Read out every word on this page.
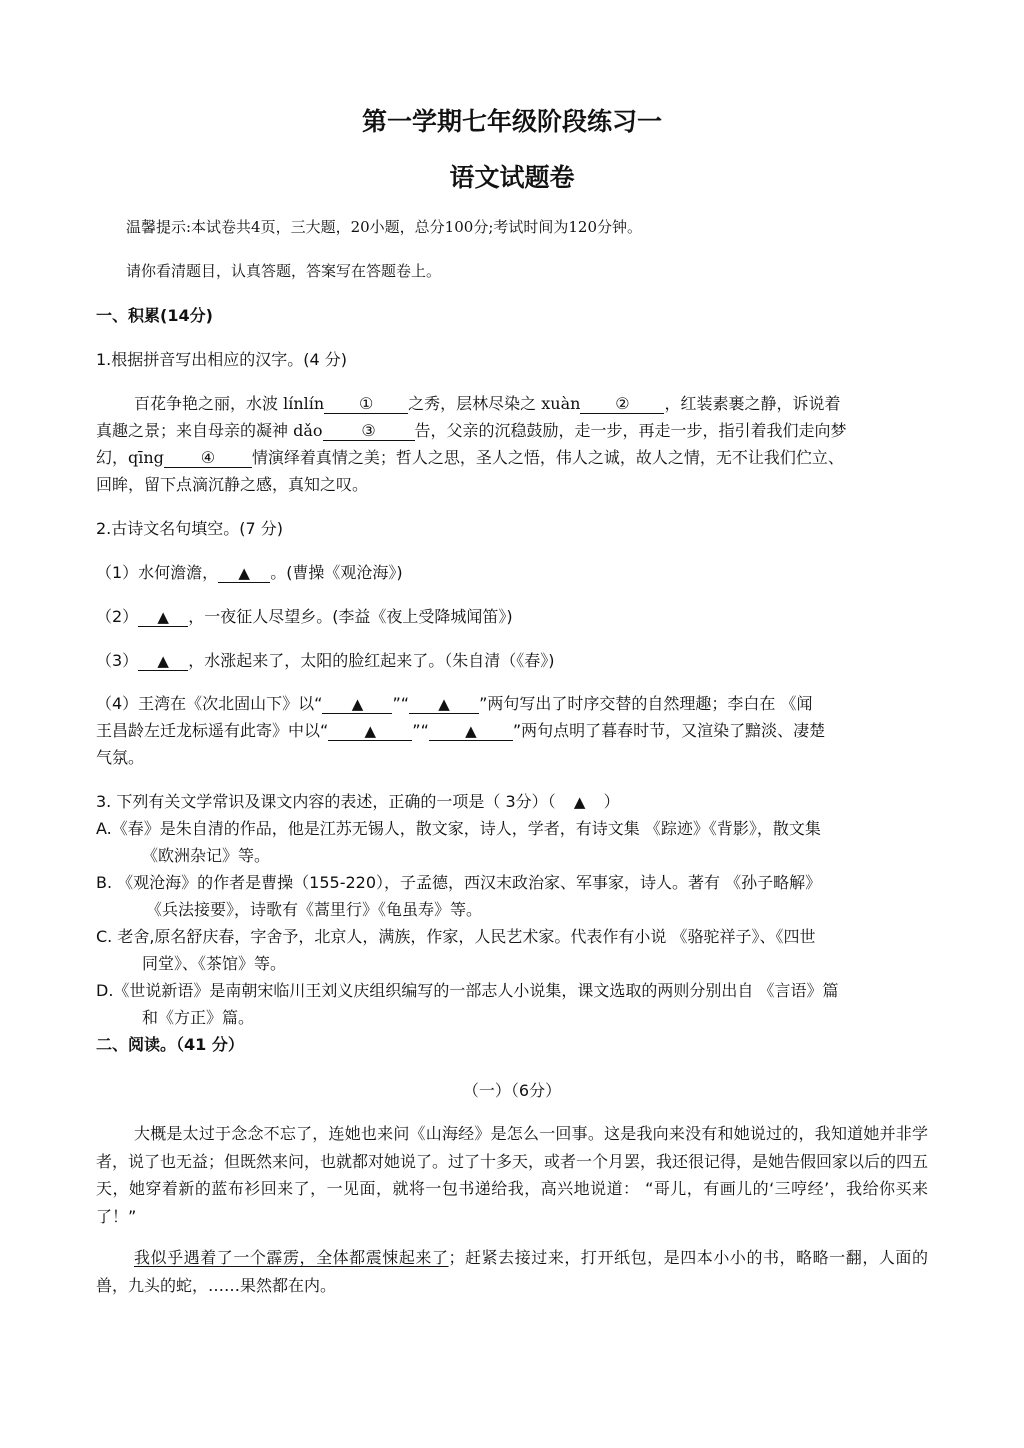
第一学期七年级阶段练习一
语文试题卷
温馨提示:本试卷共4页，三大题，20小题，总分100分;考试时间为120分钟。
请你看清题目，认真答题，答案写在答题卷上。
一、积累(14分)
1.根据拼音写出相应的汉字。(4 分)
百花争艳之丽，水波 línlín ① 之秀，层林尽染之 xuàn ② ，红装素裹之静，诉说着
真趣之景；来自母亲的凝神 dǎo ③ 告，父亲的沉稳鼓励，走一步，再走一步，指引着我们走向梦
幻，qīng ④ 情演绎着真情之美；哲人之思，圣人之悟，伟人之诚，故人之情，无不让我们伫立、
回眸，留下点滴沉静之感，真知之叹。
2.古诗文名句填空。(7 分)
（1）水何澹澹， ▲ 。(曹操《观沧海》)
（2） ▲ ，一夜征人尽望乡。(李益《夜上受降城闻笛》)
（3） ▲ ，水涨起来了，太阳的脸红起来了。（朱自清（《春》)
（4）王湾在《次北固山下》以“ ▲ ”“ ▲ ”两句写出了时序交替的自然理趣；李白在 《闻
王昌龄左迁龙标遥有此寄》中以“ ▲ ”“ ▲ ”两句点明了暮春时节，又渲染了黯淡、凄楚
气氛。
3. 下列有关文学常识及课文内容的表述，正确的一项是（ 3分）（ ▲ ）
A.《春》是朱自清的作品，他是江苏无锡人，散文家，诗人，学者，有诗文集 《踪迹》《背影》，散文集
《欧洲杂记》等。
B. 《观沧海》的作者是曹操（155-220），子孟德，西汉末政治家、军事家，诗人。著有 《孙子略解》
《兵法接要》，诗歌有《蒿里行》《龟虽寿》等。
C. 老舍,原名舒庆春，字舍予，北京人，满族，作家，人民艺术家。代表作有小说 《骆驼祥子》、《四世
同堂》、《茶馆》等。
D.《世说新语》是南朝宋临川王刘义庆组织编写的一部志人小说集，课文选取的两则分别出自 《言语》篇
和《方正》篇。
二、阅读。（41 分）
（一）（6分）
大概是太过于念念不忘了，连她也来问《山海经》是怎么一回事。这是我向来没有和她说过的，我知道她并非学者，说了也无益；但既然来问，也就都对她说了。过了十多天，或者一个月罢，我还很记得，是她告假回家以后的四五天，她穿着新的蓝布衫回来了，一见面，就将一包书递给我，高兴地说道： “哥儿，有画儿的‘三哼经’，我给你买来了！”
我似乎遇着了一个霹雳，全体都震悚起来了；赶紧去接过来，打开纸包，是四本小小的书，略略一翻，人面的兽，九头的蛇，……果然都在内。
